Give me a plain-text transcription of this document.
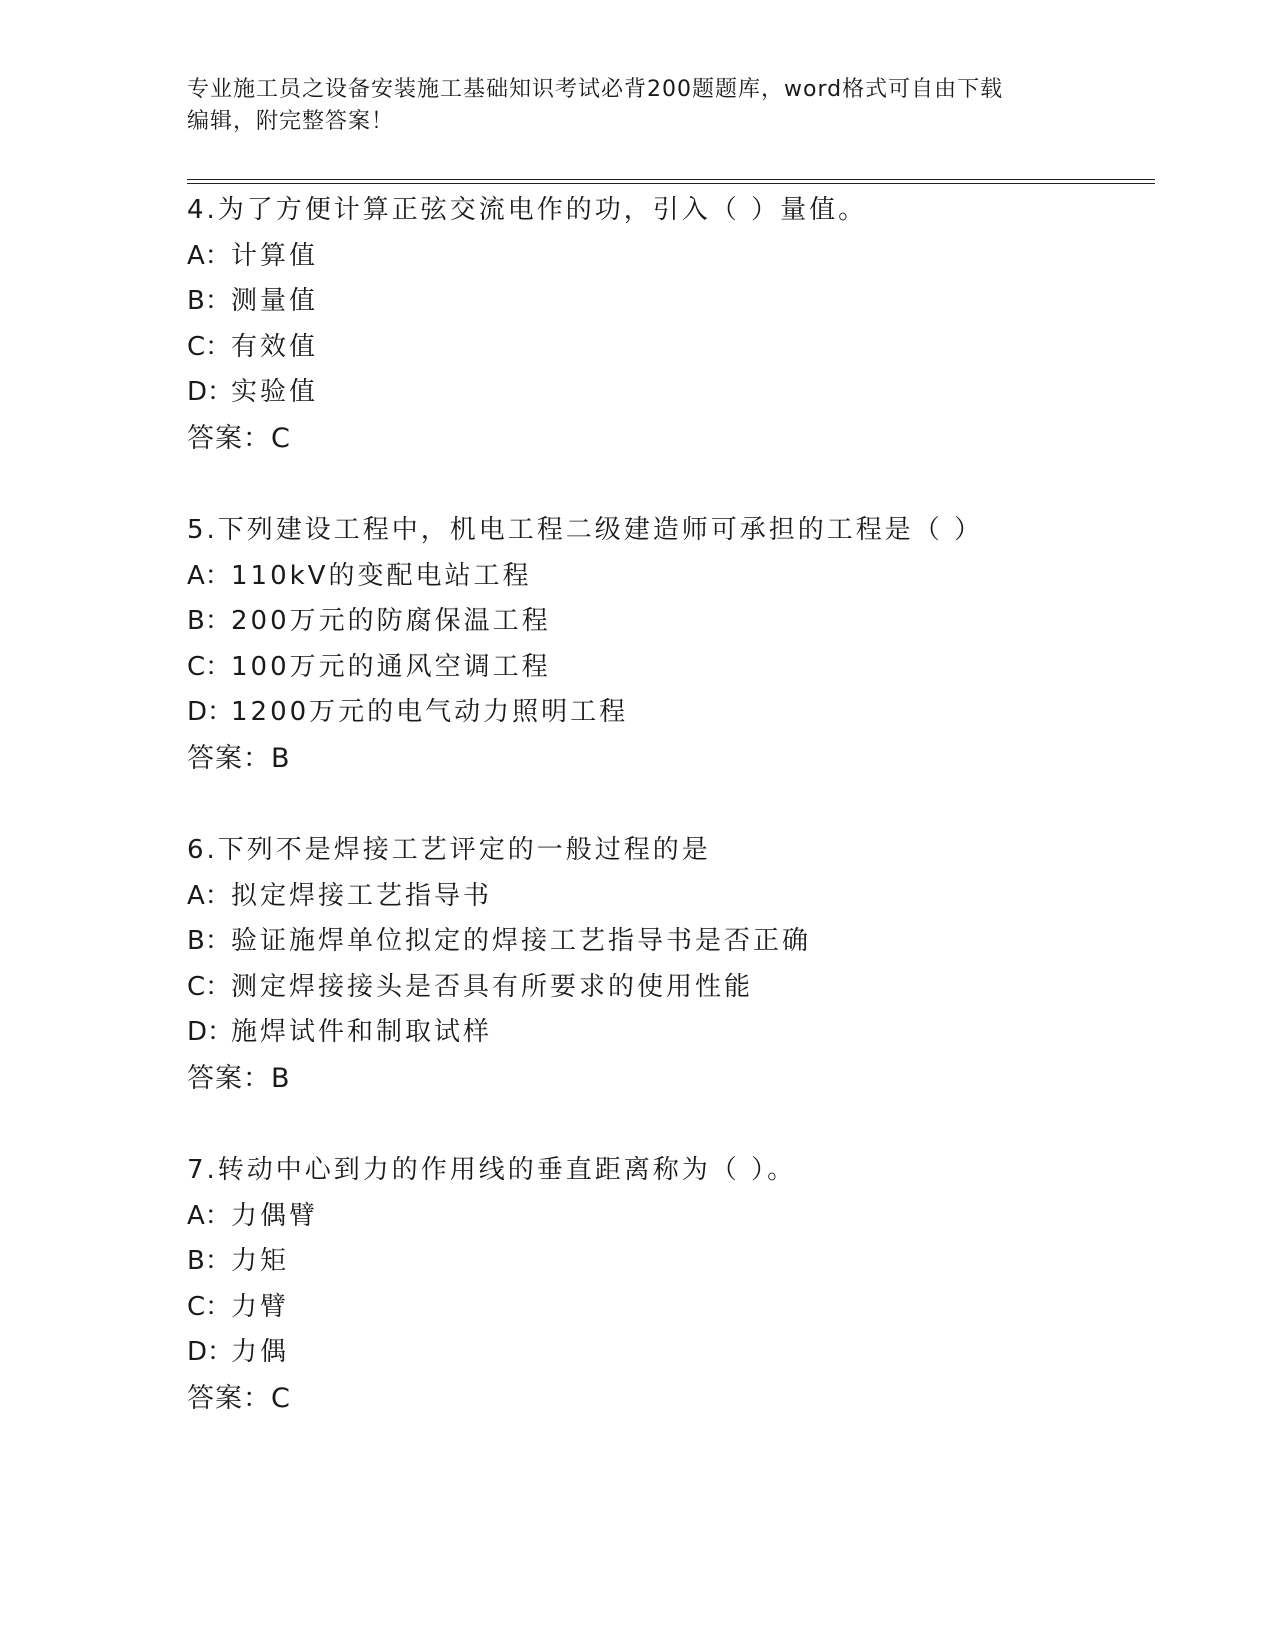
专业施工员之设备安装施工基础知识考试必背200题题库，word格式可自由下载
编辑，附完整答案！
4.为了方便计算正弦交流电作的功，引入（ ）量值。
A：计算值
B：测量值
C：有效值
D：实验值
答案：C
5.下列建设工程中，机电工程二级建造师可承担的工程是（ ）
A：110kV的变配电站工程
B：200万元的防腐保温工程
C：100万元的通风空调工程
D：1200万元的电气动力照明工程
答案：B
6.下列不是焊接工艺评定的一般过程的是
A：拟定焊接工艺指导书
B：验证施焊单位拟定的焊接工艺指导书是否正确
C：测定焊接接头是否具有所要求的使用性能
D：施焊试件和制取试样
答案：B
7.转动中心到力的作用线的垂直距离称为（ ）。
A：力偶臂
B：力矩
C：力臂
D：力偶
答案：C
